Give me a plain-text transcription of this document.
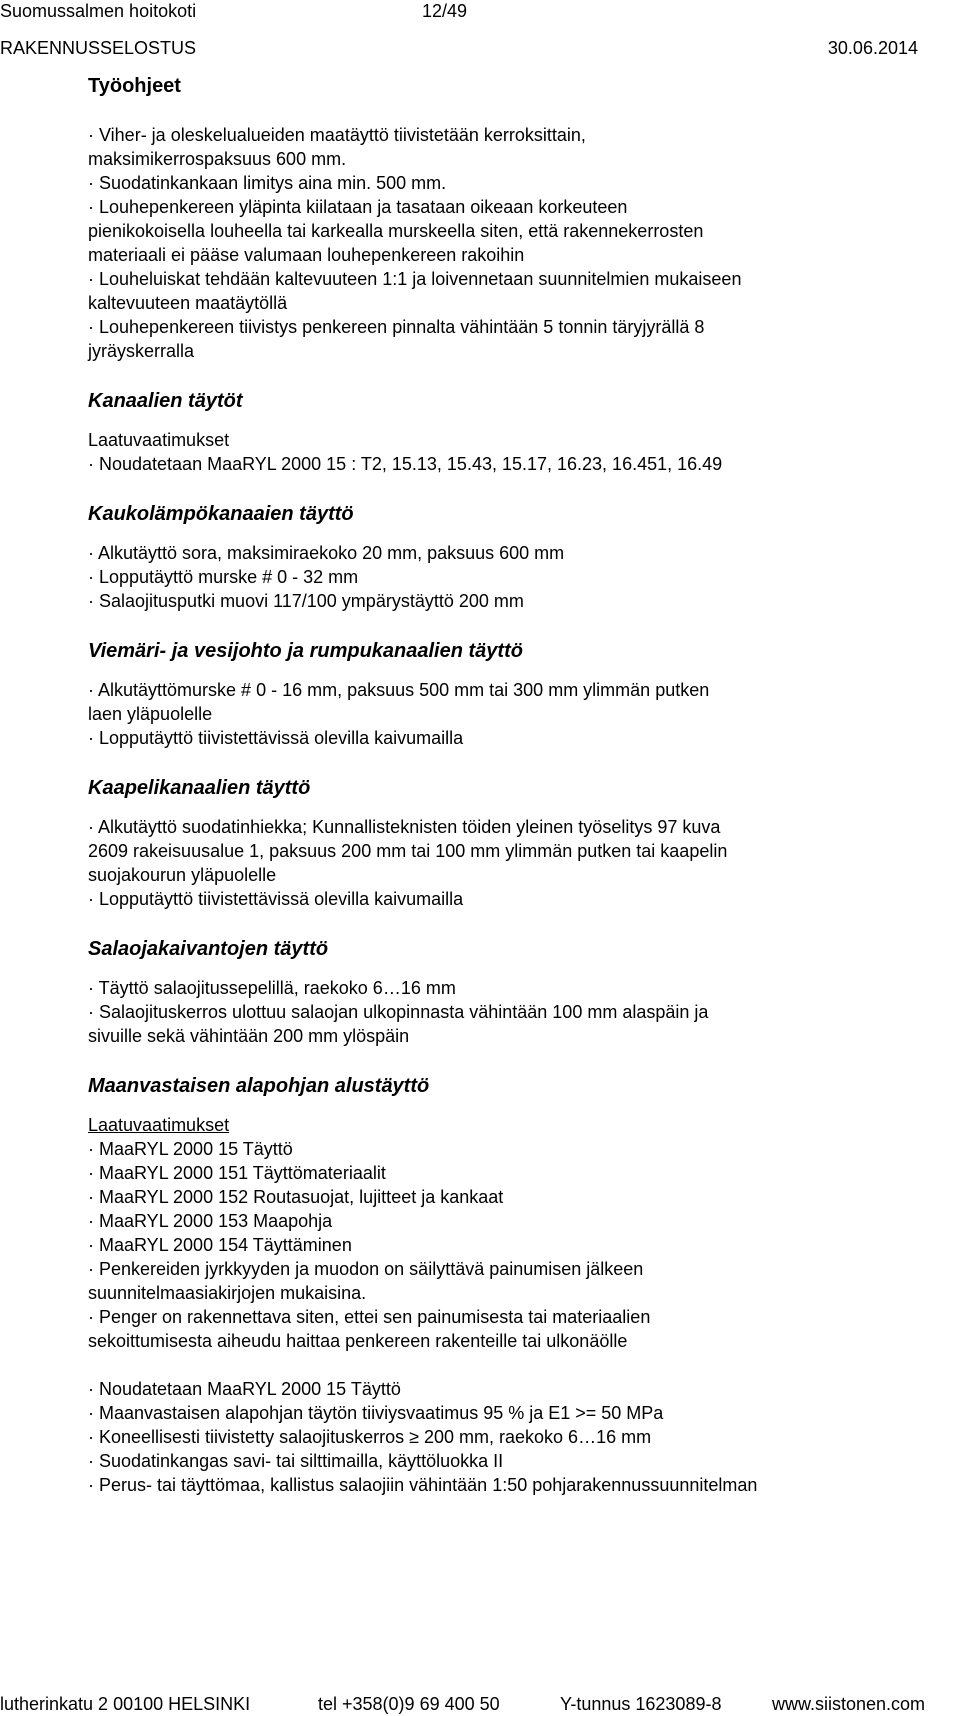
Suomussalmen hoitokoti	12/49
RAKENNUSSELOSTUS	30.06.2014
Työohjeet
· Viher- ja oleskelualueiden maatäyttö tiivistetään kerroksittain,
maksimikerrospaksuus 600 mm.
· Suodatinkankaan limitys aina min. 500 mm.
· Louhepenkereen yläpinta kiilataan ja tasataan oikeaan korkeuteen
pienikokoisella louheella tai karkealla murskeella siten, että rakennekerrosten
materiaali ei pääse valumaan louhepenkereen rakoihin
· Louheluiskat tehdään kaltevuuteen 1:1 ja loivennetaan suunnitelmien mukaiseen
kaltevuuteen maatäytöllä
· Louhepenkereen tiivistys penkereen pinnalta vähintään 5 tonnin täryjyrällä 8
jyräyskerralla
Kanaalien täytöt
Laatuvaatimukset
· Noudatetaan MaaRYL 2000 15 : T2, 15.13, 15.43, 15.17, 16.23, 16.451, 16.49
Kaukolämpökanaaien täyttö
· Alkutäyttö sora, maksimiraekoko 20 mm, paksuus 600 mm
· Lopputäyttö murske # 0 - 32 mm
· Salaojitusputki muovi 117/100 ympärystäyttö 200 mm
Viemäri- ja vesijohto ja rumpukanaalien täyttö
· Alkutäyttömurske # 0 - 16 mm, paksuus 500 mm tai 300 mm ylimmän putken
laen yläpuolelle
· Lopputäyttö tiivistettävissä olevilla kaivumailla
Kaapelikanaalien täyttö
· Alkutäyttö suodatinhiekka; Kunnallisteknisten töiden yleinen työselitys 97 kuva
2609 rakeisuusalue 1, paksuus 200 mm tai 100 mm ylimmän putken tai kaapelin
suojakourun yläpuolelle
· Lopputäyttö tiivistettävissä olevilla kaivumailla
Salaojakaivantojen täyttö
· Täyttö salaojitussepelillä, raekoko 6…16 mm
· Salaojituskerros ulottuu salaojan ulkopinnasta vähintään 100 mm alaspäin ja
sivuille sekä vähintään 200 mm ylöspäin
Maanvastaisen alapohjan alustäyttö
Laatuvaatimukset
· MaaRYL 2000 15 Täyttö
· MaaRYL 2000 151 Täyttömateriaalit
· MaaRYL 2000 152 Routasuojat, lujitteet ja kankaat
· MaaRYL 2000 153 Maapohja
· MaaRYL 2000 154 Täyttäminen
· Penkereiden jyrkkyyden ja muodon on säilyttävä painumisen jälkeen
suunnitelmaasiakirjojen mukaisina.
· Penger on rakennettava siten, ettei sen painumisesta tai materiaalien
sekoittumisesta aiheudu haittaa penkereen rakenteille tai ulkonäölle
· Noudatetaan MaaRYL 2000 15 Täyttö
· Maanvastaisen alapohjan täytön tiiviysvaatimus 95 % ja E1 >= 50 MPa
· Koneellisesti tiivistetty salaojituskerros ≥ 200 mm, raekoko 6…16 mm
· Suodatinkangas savi- tai silttimailla, käyttöluokka II
· Perus- tai täyttömaa, kallistus salaojiin vähintään 1:50 pohjarakennussuunnitelman
lutherinkatu 2 00100 HELSINKI	tel +358(0)9 69 400 50	Y-tunnus 1623089-8	www.siistonen.com
